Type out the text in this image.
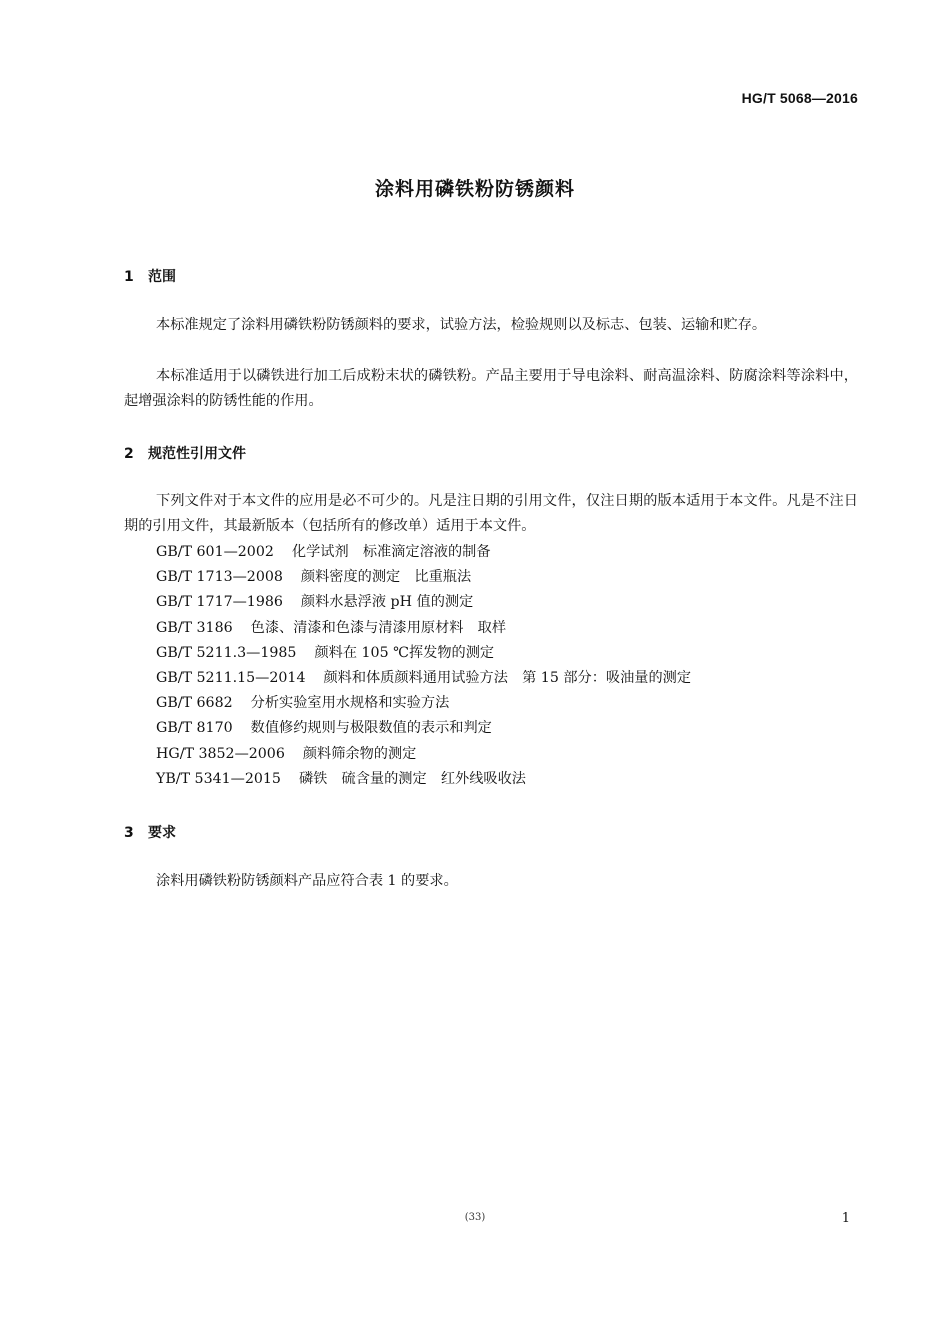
HG/T 5068—2016
涂料用磷铁粉防锈颜料
1 范围

本标准规定了涂料用磷铁粉防锈颜料的要求，试验方法，检验规则以及标志、包装、运输和贮存。

本标准适用于以磷铁进行加工后成粉末状的磷铁粉。产品主要用于导电涂料、耐高温涂料、防腐涂料等涂料中，起增强涂料的防锈性能的作用。

2 规范性引用文件

下列文件对于本文件的应用是必不可少的。凡是注日期的引用文件，仅注日期的版本适用于本文件。凡是不注日期的引用文件，其最新版本（包括所有的修改单）适用于本文件。

GB/T 601—2002 化学试剂　标准滴定溶液的制备
GB/T 1713—2008 颜料密度的测定　比重瓶法
GB/T 1717—1986 颜料水悬浮液 pH 值的测定
GB/T 3186 色漆、清漆和色漆与清漆用原材料　取样
GB/T 5211.3—1985 颜料在 105 ℃挥发物的测定
GB/T 5211.15—2014 颜料和体质颜料通用试验方法　第 15 部分：吸油量的测定
GB/T 6682 分析实验室用水规格和实验方法
GB/T 8170 数值修约规则与极限数值的表示和判定
HG/T 3852—2006 颜料筛余物的测定
YB/T 5341—2015 磷铁　硫含量的测定　红外线吸收法
3 要求

涂料用磷铁粉防锈颜料产品应符合表 1 的要求。

(33)	1
